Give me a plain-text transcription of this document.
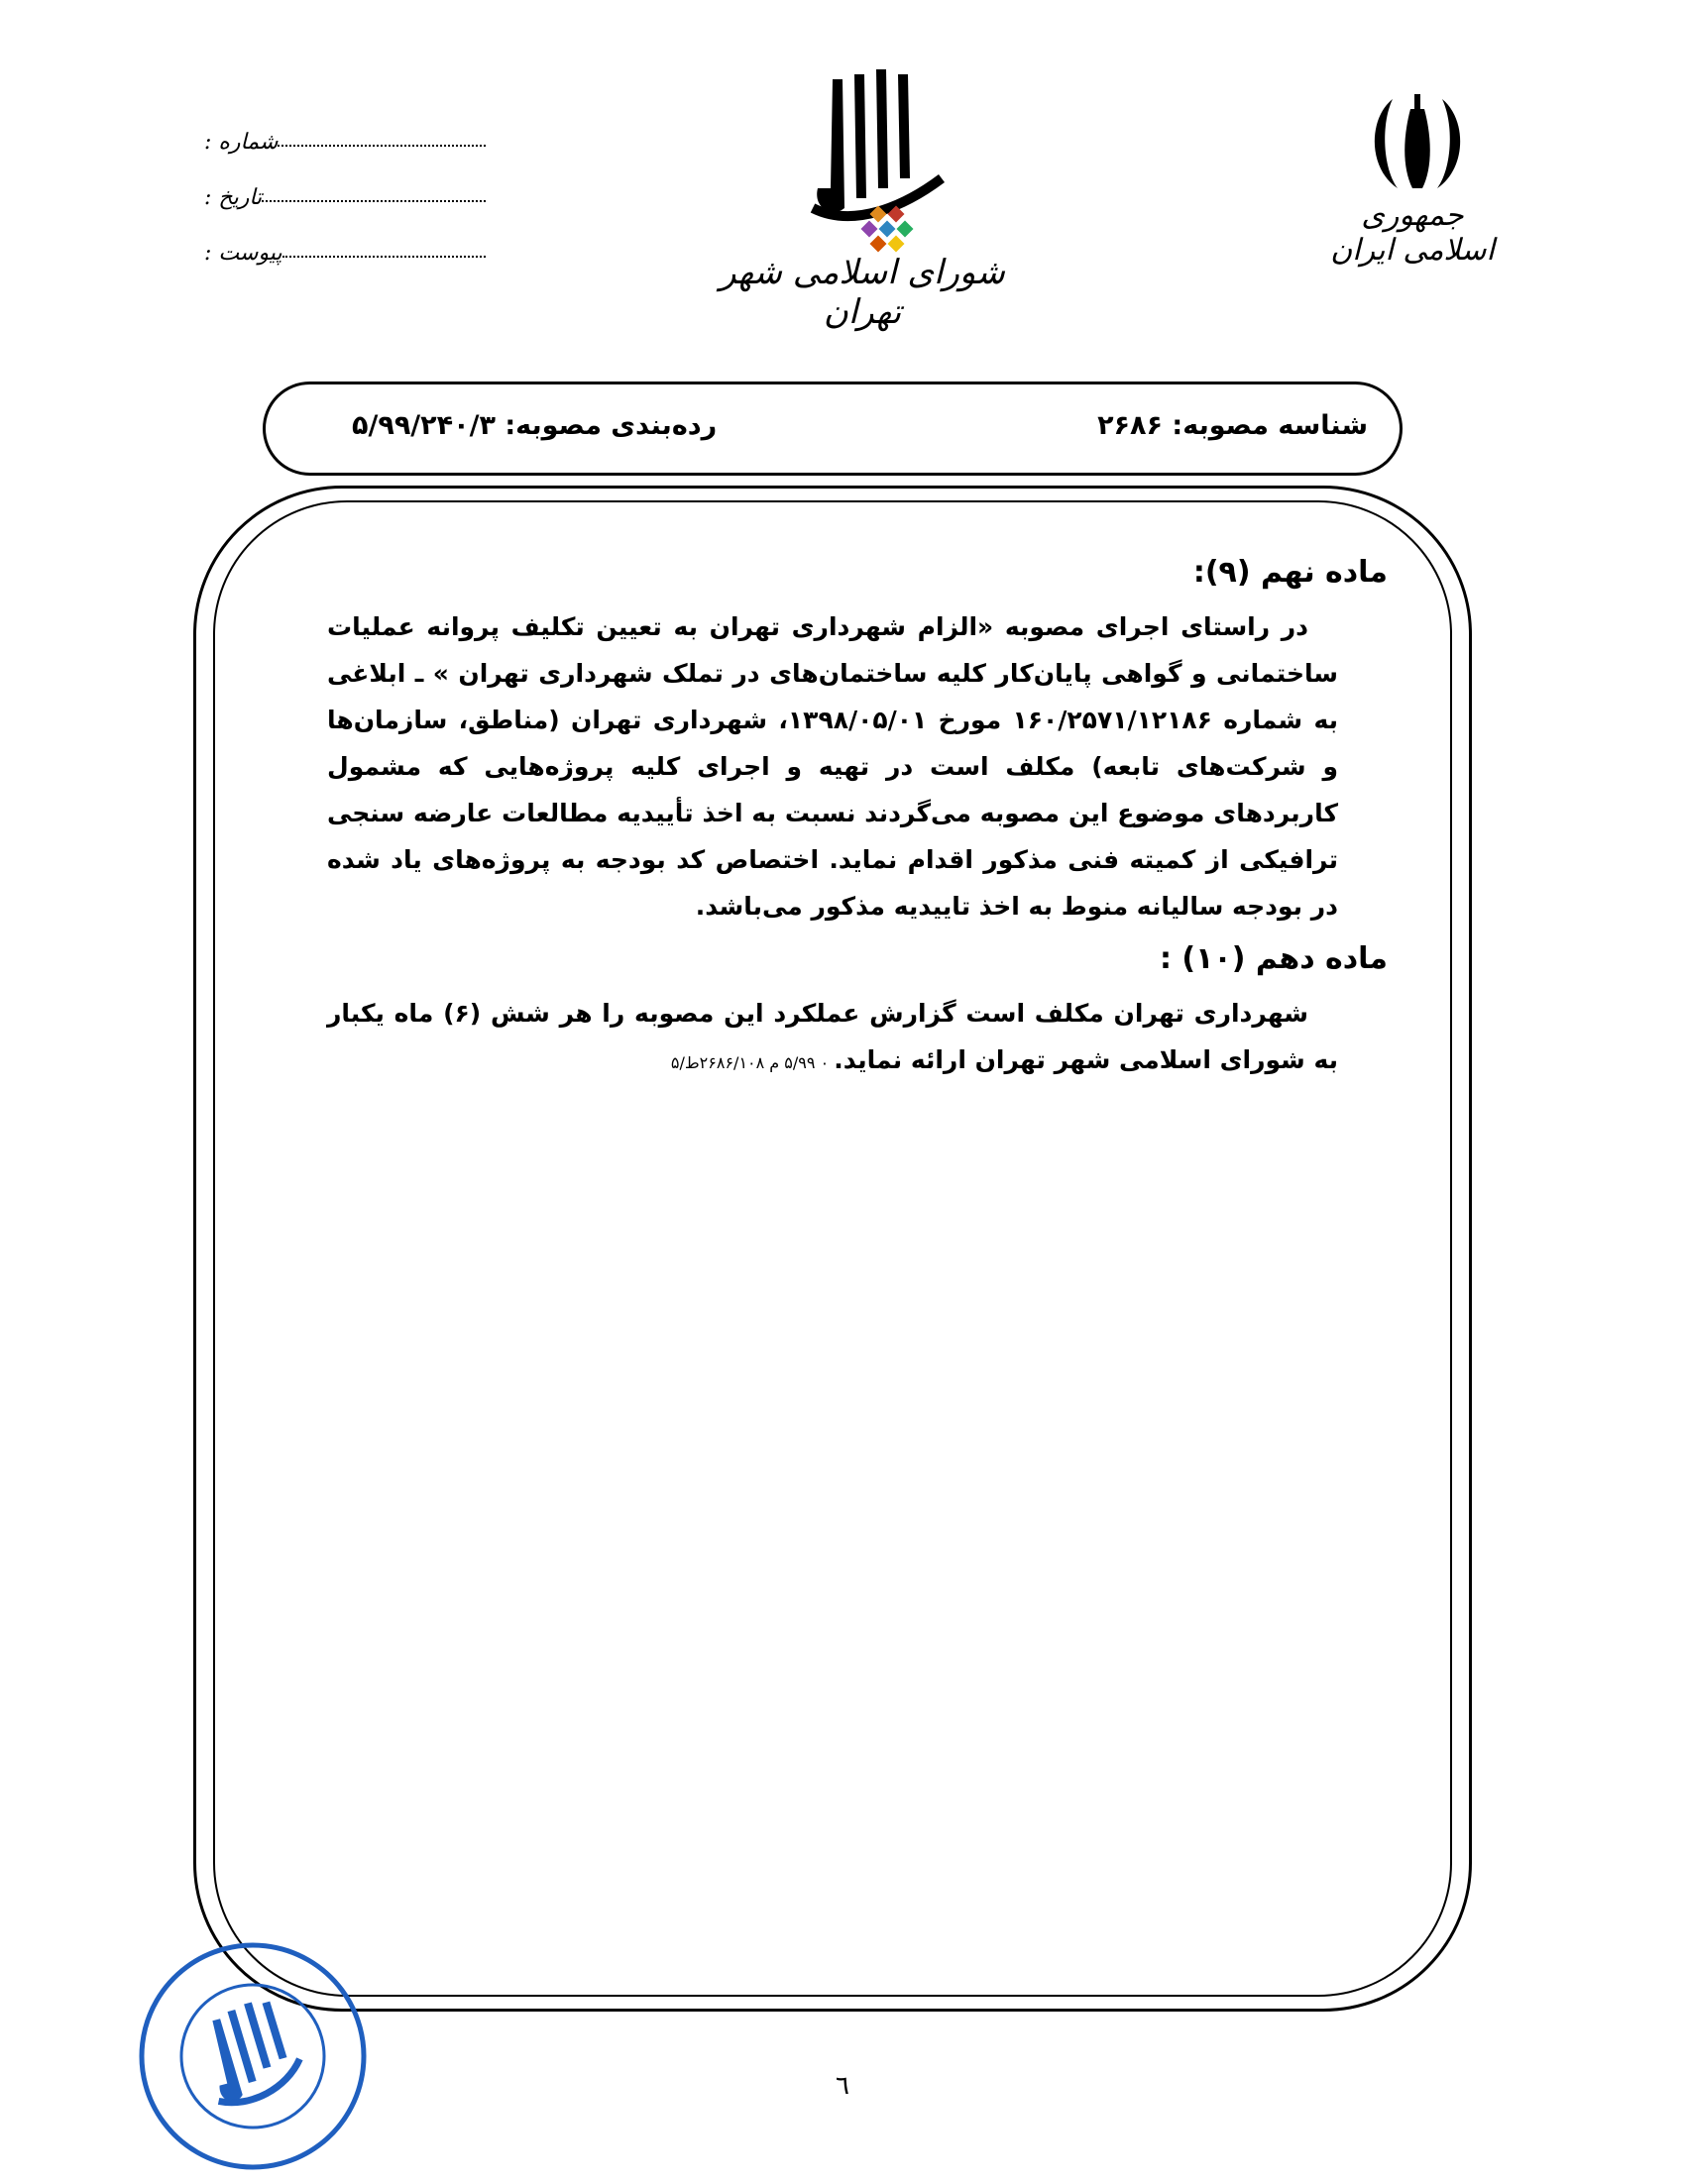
جمهوری اسلامی ایران
شورای اسلامی شهر تهران
شماره :
تاریخ :
پیوست :
شناسه مصوبه: ۲۶۸۶
رده‌بندی مصوبه: ۵/۹۹/۲۴۰/۳
ماده نهم (۹):

در راستای اجرای مصوبه «الزام شهرداری تهران به تعیین تکلیف پروانه عملیات ساختمانی و گواهی پایان‌کار کلیه ساختمان‌های در تملک شهرداری تهران » ـ ابلاغی به شماره ۱۶۰/۲۵۷۱/۱۲۱۸۶ مورخ ۱۳۹۸/۰۵/۰۱، شهرداری تهران (مناطق، سازمان‌ها و شرکت‌های تابعه) مکلف است در تهیه و اجرای کلیه پروژه‌هایی که مشمول کاربردهای موضوع این مصوبه می‌گردند نسبت به اخذ تأییدیه مطالعات عارضه سنجی ترافیکی از کمیته فنی مذکور اقدام نماید. اختصاص کد بودجه به پروژه‌های یاد شده در بودجه سالیانه منوط به اخذ تاییدیه مذکور می‌باشد.

ماده دهم (۱۰) :

شهرداری تهران مکلف است گزارش عملکرد این مصوبه را هر شش (۶) ماه یکبار به شورای اسلامی شهر تهران ارائه نماید. ۰ ۵/۹۹ م ۲۶۸۶/۱۰۸ط/۵

٦
